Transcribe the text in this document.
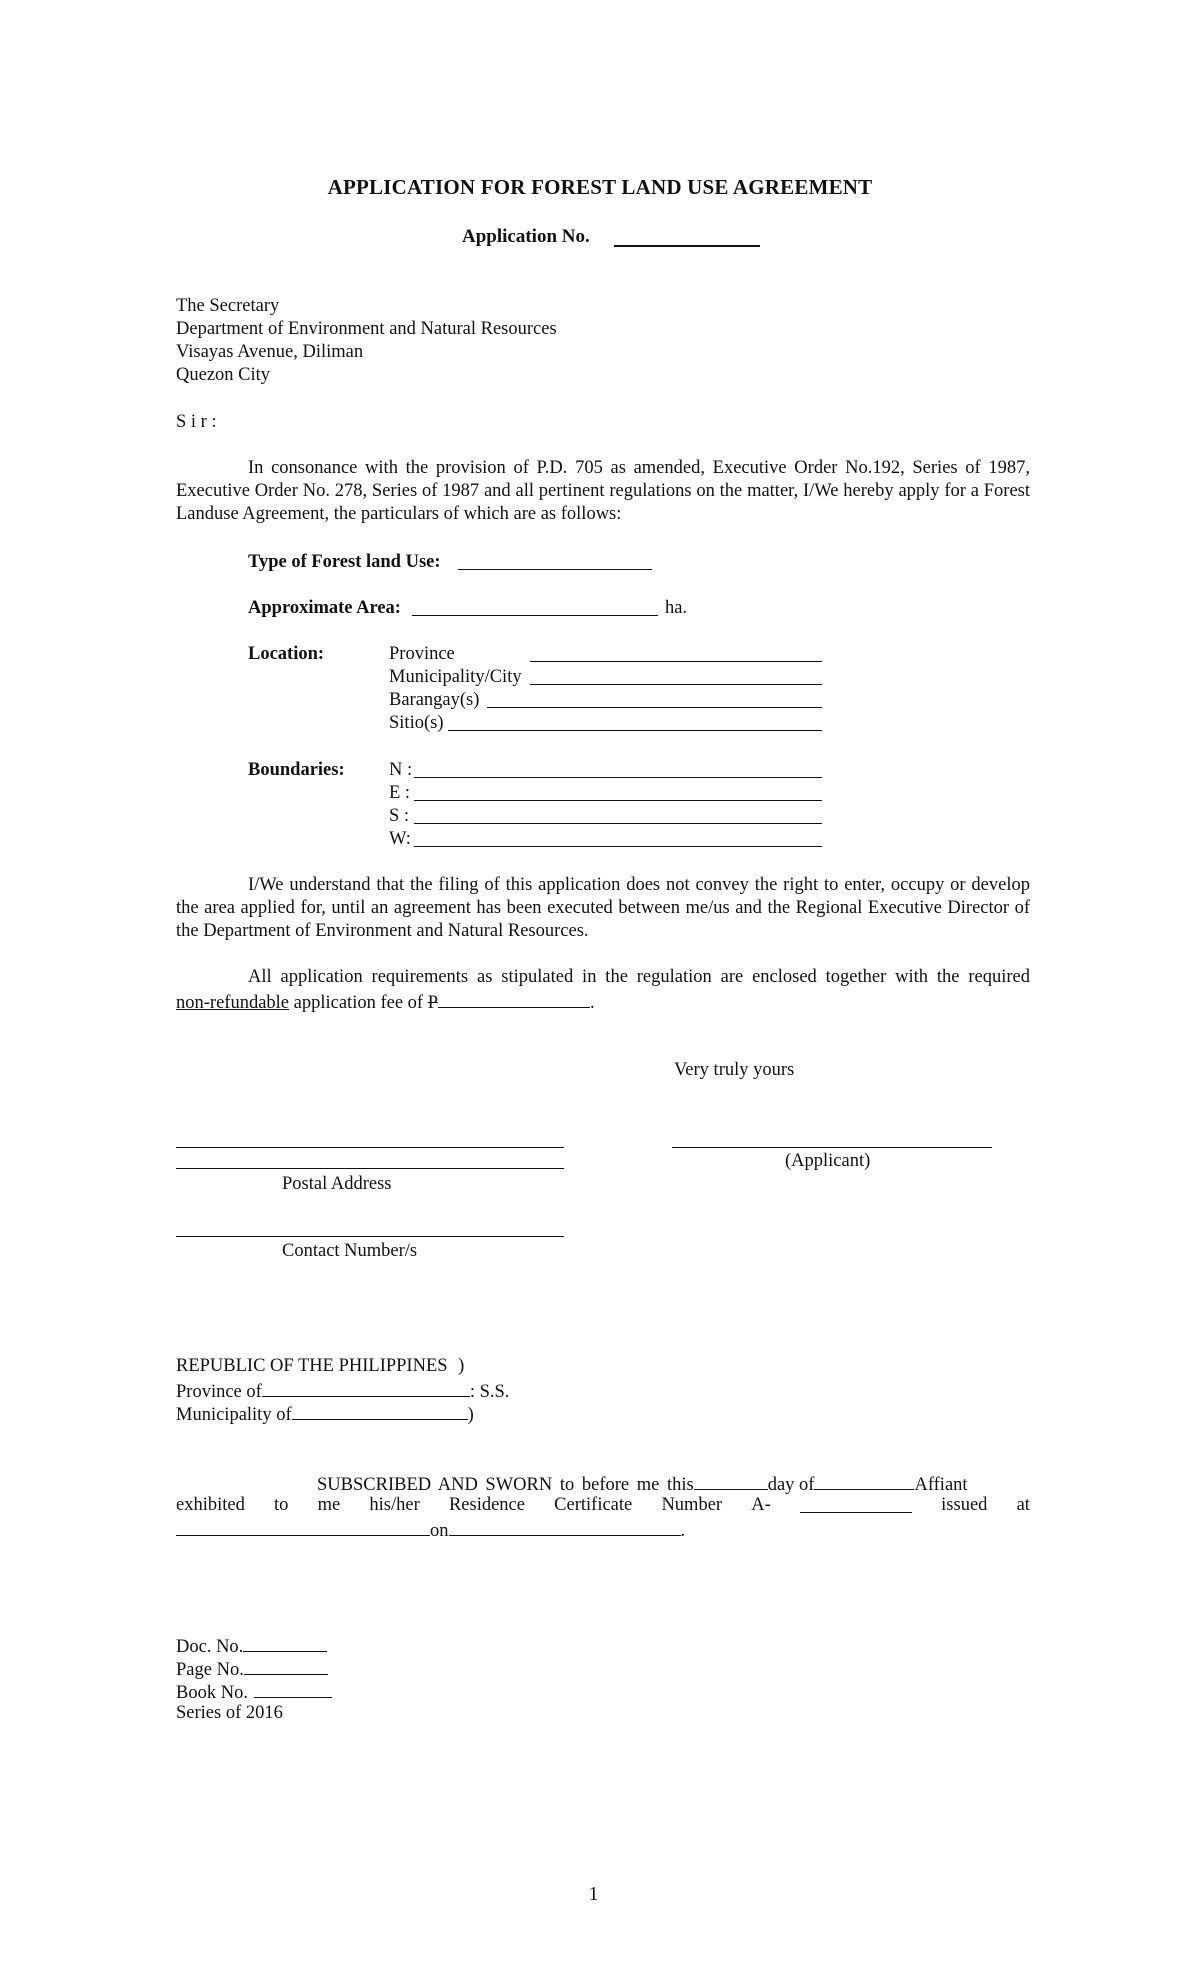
APPLICATION FOR FOREST LAND USE AGREEMENT
Application No.
The Secretary
Department of Environment and Natural Resources
Visayas Avenue, Diliman
Quezon City
S i r :
In consonance with the provision of P.D. 705 as amended, Executive Order No.192, Series of 1987, Executive Order No. 278, Series of 1987 and all pertinent regulations on the matter, I/We hereby apply for a Forest Landuse Agreement, the particulars of which are as follows:
Type of Forest land Use:
Approximate Area:	ha.
Location:	Province
Municipality/City
Barangay(s)
Sitio(s)
Boundaries: N :
E :
S :
W:
I/We understand that the filing of this application does not convey the right to enter, occupy or develop the area applied for, until an agreement has been executed between me/us and the Regional Executive Director of the Department of Environment and Natural Resources.
All application requirements as stipulated in the regulation are enclosed together with the required
non-refundable application fee of P	.
Very truly yours
Postal Address
(Applicant)
Contact Number/s
REPUBLIC OF THE PHILIPPINES )
Province of	: S.S.
Municipality of	)
SUBSCRIBED AND SWORN to before me this	day of	Affiant
exhibited to me his/her Residence Certificate Number A-	issued at
on	.
Doc. No.
Page No.
Book No.
Series of 2016
1
